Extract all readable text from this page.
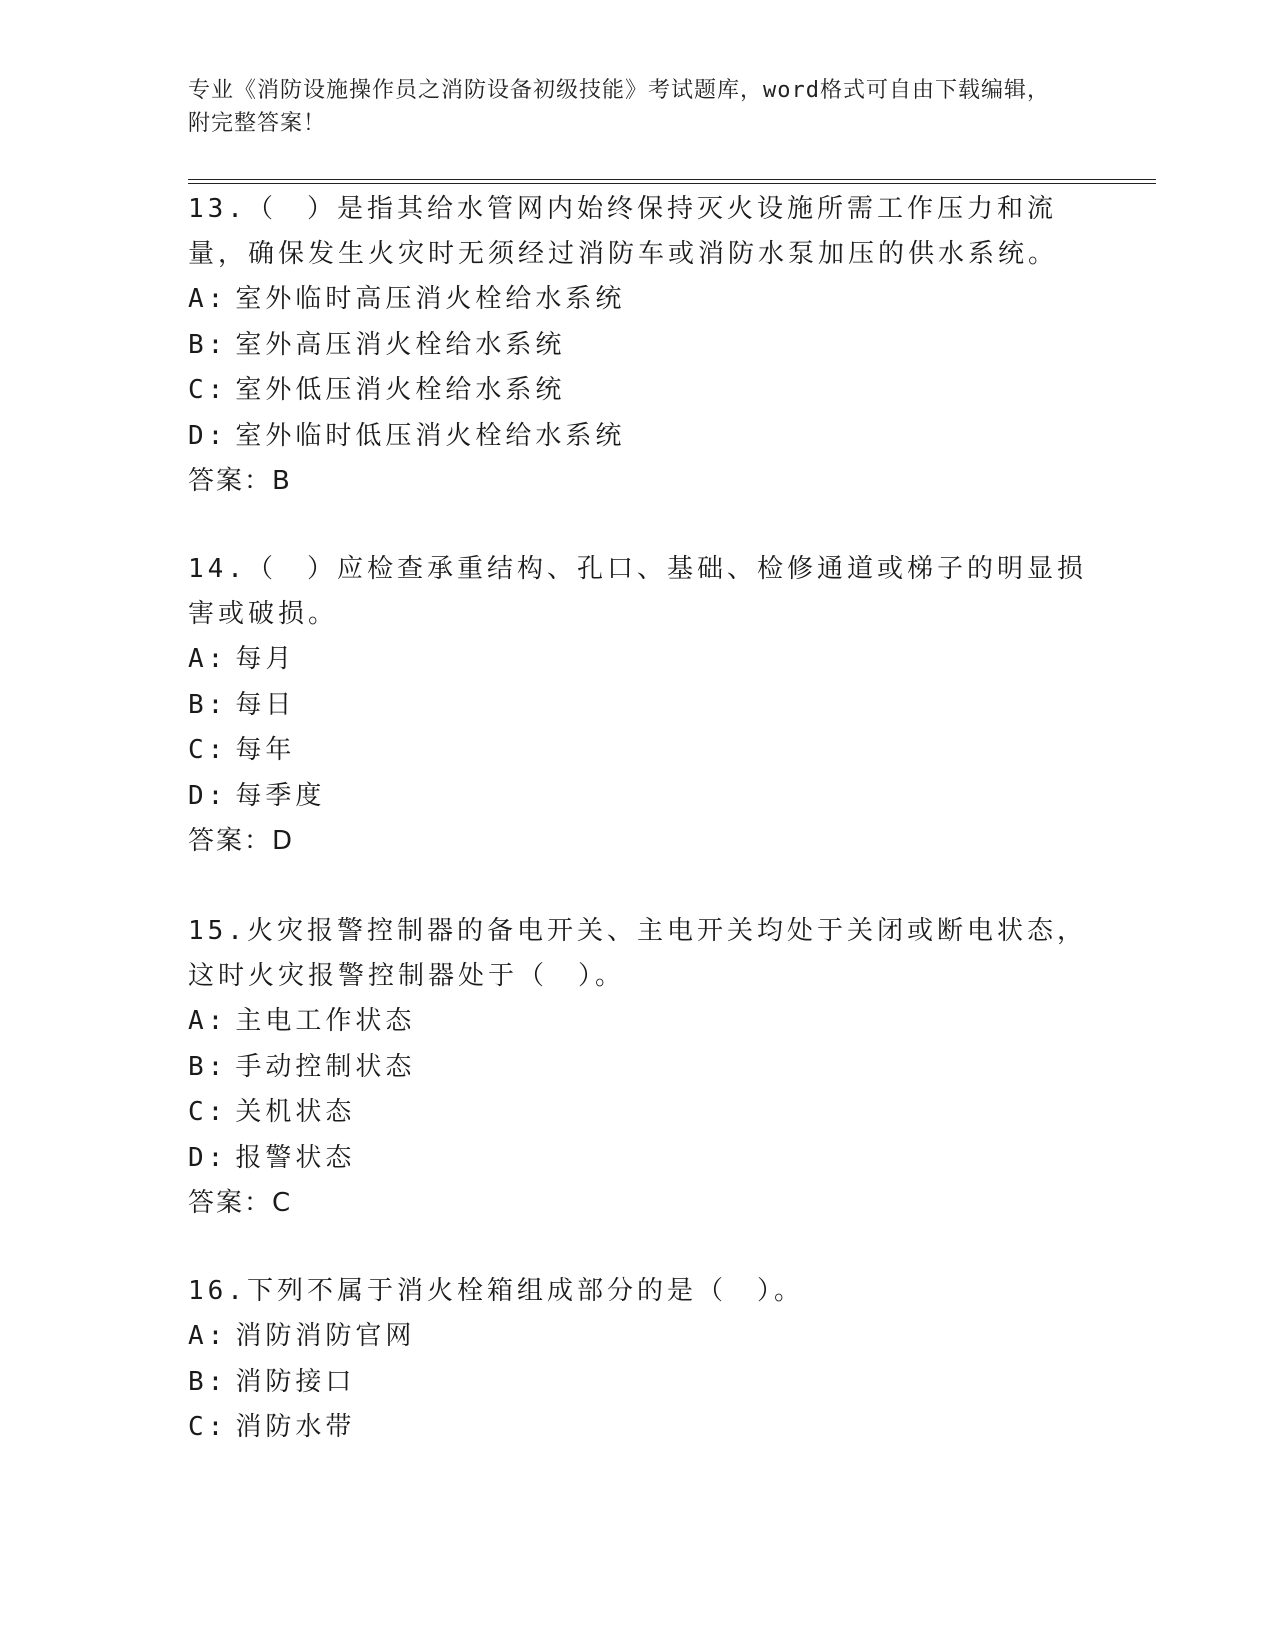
专业《消防设施操作员之消防设备初级技能》考试题库，word格式可自由下载编辑，附完整答案！

13.（　）是指其给水管网内始终保持灭火设施所需工作压力和流量，确保发生火灾时无须经过消防车或消防水泵加压的供水系统。

A: 室外临时高压消火栓给水系统

B: 室外高压消火栓给水系统

C: 室外低压消火栓给水系统

D: 室外临时低压消火栓给水系统

答案：B

14.（　）应检查承重结构、孔口、基础、检修通道或梯子的明显损害或破损。

A: 每月

B: 每日

C: 每年

D: 每季度

答案：D

15.火灾报警控制器的备电开关、主电开关均处于关闭或断电状态，这时火灾报警控制器处于（　）。

A: 主电工作状态

B: 手动控制状态

C: 关机状态

D: 报警状态

答案：C

16.下列不属于消火栓箱组成部分的是（　）。

A: 消防消防官网

B: 消防接口

C: 消防水带
